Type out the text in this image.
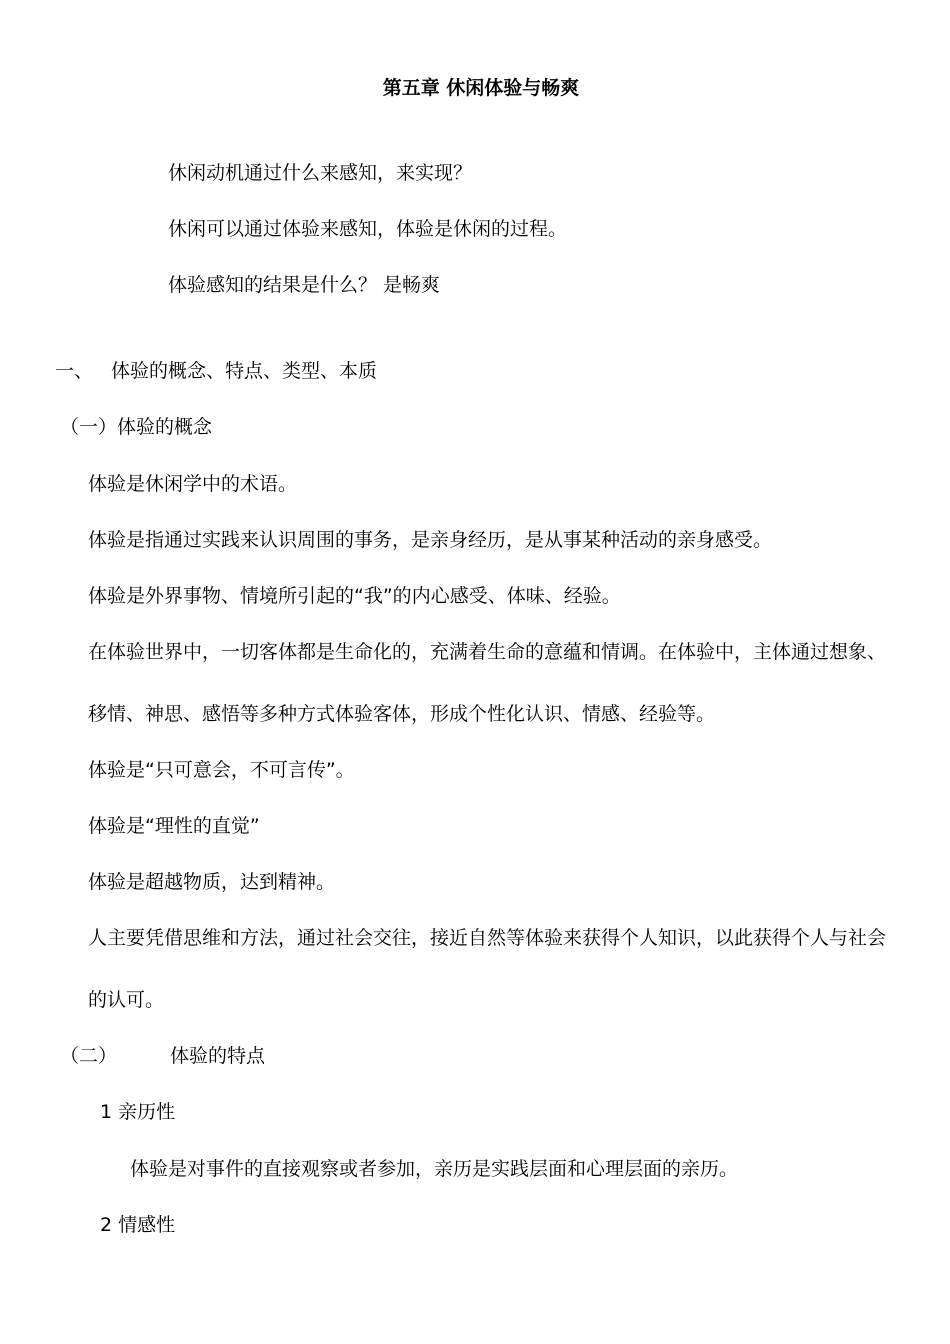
第五章 休闲体验与畅爽
休闲动机通过什么来感知，来实现？
休闲可以通过体验来感知，体验是休闲的过程。
体验感知的结果是什么？ 是畅爽
一、 体验的概念、特点、类型、本质
（一）体验的概念
体验是休闲学中的术语。
体验是指通过实践来认识周围的事务，是亲身经历，是从事某种活动的亲身感受。
体验是外界事物、情境所引起的“我”的内心感受、体味、经验。
在体验世界中，一切客体都是生命化的，充满着生命的意蕴和情调。在体验中，主体通过想象、
移情、神思、感悟等多种方式体验客体，形成个性化认识、情感、经验等。
体验是“只可意会，不可言传”。
体验是“理性的直觉”
体验是超越物质，达到精神。
人主要凭借思维和方法，通过社会交往，接近自然等体验来获得个人知识，以此获得个人与社会
的认可。
（二）	体验的特点
1 亲历性
体验是对事件的直接观察或者参加，亲历是实践层面和心理层面的亲历。
2 情感性
